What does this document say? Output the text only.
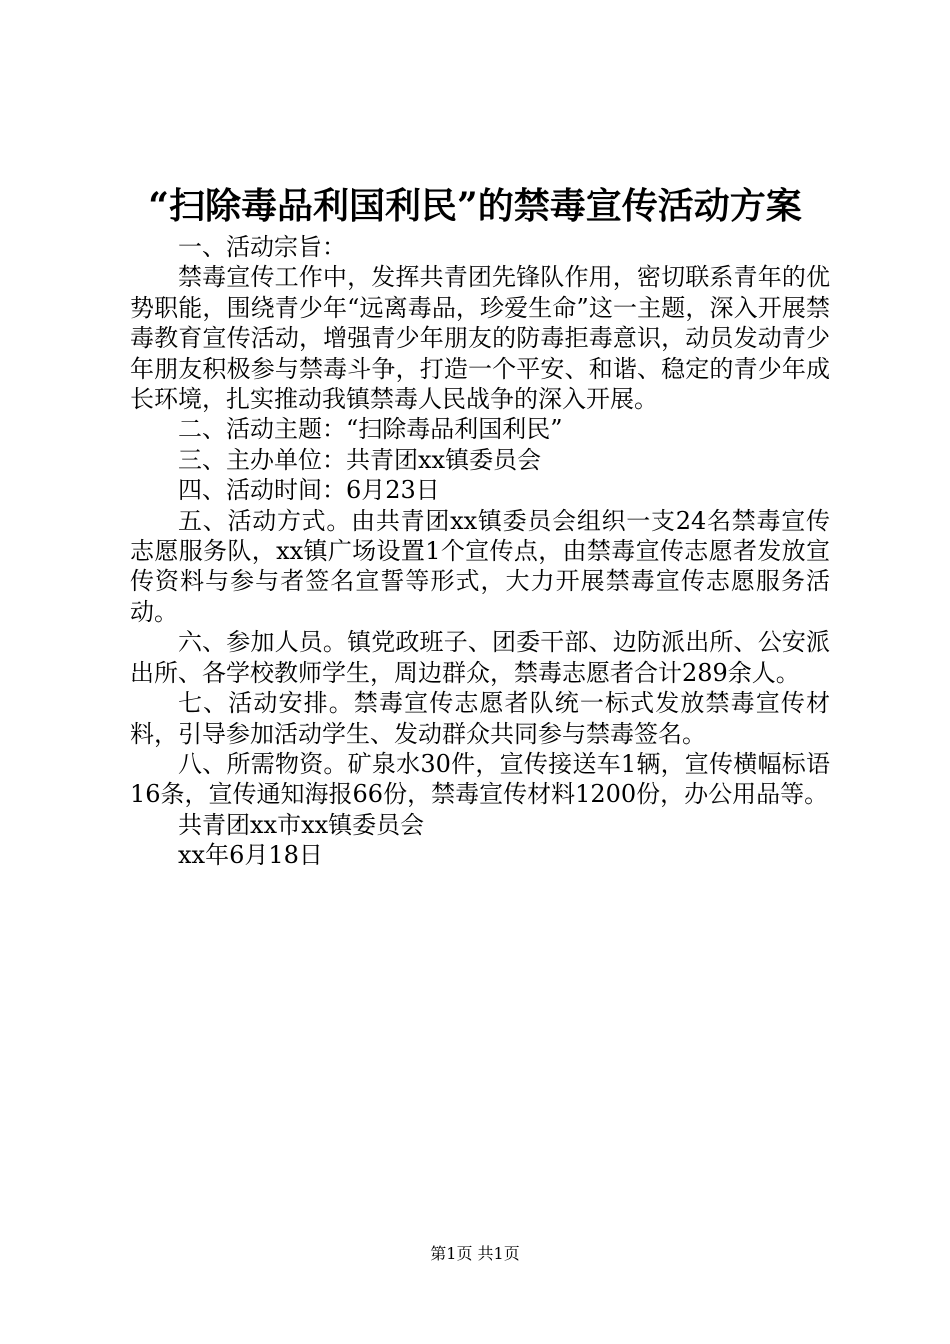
“扫除毒品利国利民”的禁毒宣传活动方案

一、活动宗旨：

禁毒宣传工作中，发挥共青团先锋队作用，密切联系青年的优势职能，围绕青少年“远离毒品，珍爱生命”这一主题，深入开展禁毒教育宣传活动，增强青少年朋友的防毒拒毒意识，动员发动青少年朋友积极参与禁毒斗争，打造一个平安、和谐、稳定的青少年成长环境，扎实推动我镇禁毒人民战争的深入开展。

二、活动主题：“扫除毒品利国利民”

三、主办单位：共青团xx镇委员会

四、活动时间：6月23日

五、活动方式。由共青团xx镇委员会组织一支24名禁毒宣传志愿服务队，xx镇广场设置1个宣传点，由禁毒宣传志愿者发放宣传资料与参与者签名宣誓等形式，大力开展禁毒宣传志愿服务活动。

六、参加人员。镇党政班子、团委干部、边防派出所、公安派出所、各学校教师学生，周边群众，禁毒志愿者合计289余人。

七、活动安排。禁毒宣传志愿者队统一标式发放禁毒宣传材料，引导参加活动学生、发动群众共同参与禁毒签名。

八、所需物资。矿泉水30件，宣传接送车1辆，宣传横幅标语16条，宣传通知海报66份，禁毒宣传材料1200份，办公用品等。

共青团xx市xx镇委员会

xx年6月18日

第1页 共1页
